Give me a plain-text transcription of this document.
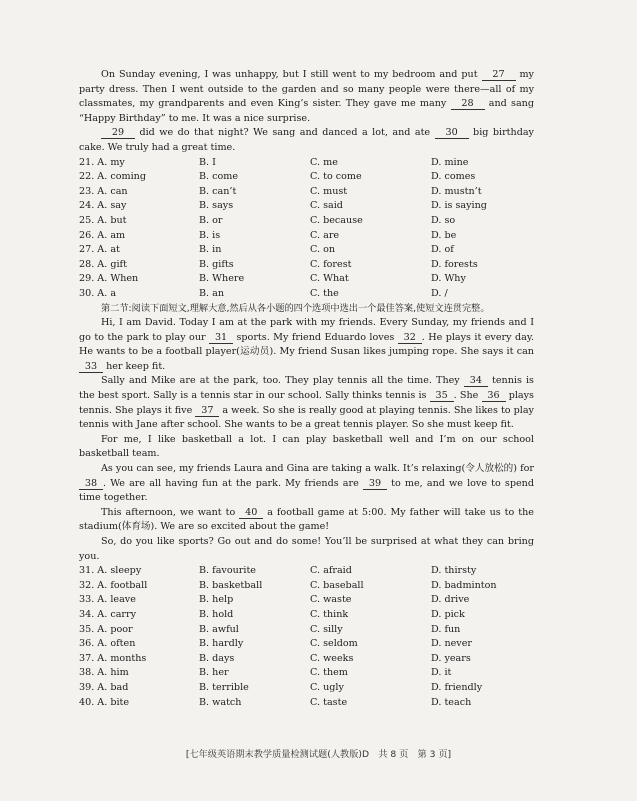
On Sunday evening, I was unhappy, but I still went to my bedroom and put 27 my party dress. Then I went outside to the garden and so many people were there—all of my classmates, my grandparents and even King’s sister. They gave me many 28 and sang “Happy Birthday” to me. It was a nice surprise.

29 did we do that night? We sang and danced a lot, and ate 30 big birthday cake. We truly had a great time.

21. A. my	B. I	C. me	D. mine
22. A. coming	B. come	C. to come	D. comes
23. A. can	B. can’t	C. must	D. mustn’t
24. A. say	B. says	C. said	D. is saying
25. A. but	B. or	C. because	D. so
26. A. am	B. is	C. are	D. be
27. A. at	B. in	C. on	D. of
28. A. gift	B. gifts	C. forest	D. forests
29. A. When	B. Where	C. What	D. Why
30. A. a	B. an	C. the	D. /

第二节:阅读下面短文,理解大意,然后从各小题的四个选项中选出一个最佳答案,使短文连贯完整。

Hi, I am David. Today I am at the park with my friends. Every Sunday, my friends and I go to the park to play our 31 sports. My friend Eduardo loves 32 . He plays it every day. He wants to be a football player(运动员). My friend Susan likes jumping rope. She says it can 33 her keep fit.

Sally and Mike are at the park, too. They play tennis all the time. They 34 tennis is the best sport. Sally is a tennis star in our school. Sally thinks tennis is 35 . She 36 plays tennis. She plays it five 37 a week. So she is really good at playing tennis. She likes to play tennis with Jane after school. She wants to be a great tennis player. So she must keep fit.

For me, I like basketball a lot. I can play basketball well and I’m on our school basketball team.

As you can see, my friends Laura and Gina are taking a walk. It’s relaxing(令人放松的) for 38 . We are all having fun at the park. My friends are 39 to me, and we love to spend time together.

This afternoon, we want to 40 a football game at 5:00. My father will take us to the stadium(体育场). We are so excited about the game!

So, do you like sports? Go out and do some! You’ll be surprised at what they can bring you.

31. A. sleepy	B. favourite	C. afraid	D. thirsty
32. A. football	B. basketball	C. baseball	D. badminton
33. A. leave	B. help	C. waste	D. drive
34. A. carry	B. hold	C. think	D. pick
35. A. poor	B. awful	C. silly	D. fun
36. A. often	B. hardly	C. seldom	D. never
37. A. months	B. days	C. weeks	D. years
38. A. him	B. her	C. them	D. it
39. A. bad	B. terrible	C. ugly	D. friendly
40. A. bite	B. watch	C. taste	D. teach
[七年级英语期末教学质量检测试题(人教版)D　共 8 页　第 3 页]
